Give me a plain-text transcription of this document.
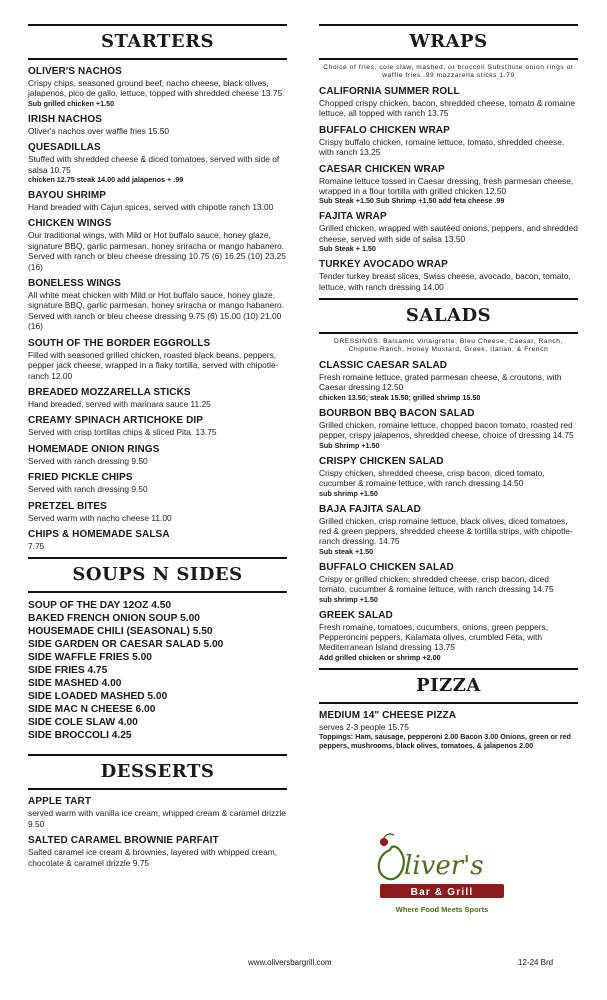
STARTERS
OLIVER'S NACHOS
Crispy chips, seasoned ground beef, nacho cheese, black olives, jalapenos, pico de gallo, lettuce, topped with shredded cheese 13.75
Sub grilled chicken +1.50
IRISH NACHOS
Oliver's nachos over waffle fries 15.50
QUESADILLAS
Stuffed with shredded cheese & diced tomatoes, served with side of salsa 10.75
chicken 12.75 steak 14.00 add jalapenos + .99
BAYOU SHRIMP
Hand breaded with Cajun spices, served with chipotle ranch 13.00
CHICKEN WINGS
Our traditional wings, with Mild or Hot buffalo sauce, honey glaze, signature BBQ, garlic parmesan, honey sriracha or mango habanero. Served with ranch or bleu cheese dressing 10.75 (6) 16.25 (10) 23.25 (16)
BONELESS WINGS
All white meat chicken with Mild or Hot buffalo sauce, honey glaze, signature BBQ, garlic parmesan, honey sriracha or mango habanero. Served with ranch or bleu cheese dressing 9.75 (6) 15.00 (10) 21.00 (16)
SOUTH OF THE BORDER EGGROLLS
Filled with seasoned grilled chicken, roasted black beans, peppers, pepper jack cheese, wrapped in a flaky tortilla, served with chipotle-ranch 12.00
BREADED MOZZARELLA STICKS
Hand breaded, served with marinara sauce 11.25
CREAMY SPINACH ARTICHOKE DIP
Served with crisp tortillas chips & sliced Pita. 13.75
HOMEMADE ONION RINGS
Served with ranch dressing 9.50
FRIED PICKLE CHIPS
Served with ranch dressing 9.50
PRETZEL BITES
Served warm with nacho cheese 11.00
CHIPS & HOMEMADE SALSA
7.75
SOUPS N SIDES
SOUP OF THE DAY 12OZ 4.50
BAKED FRENCH ONION SOUP 5.00
HOUSEMADE CHILI (SEASONAL) 5.50
SIDE GARDEN OR CAESAR SALAD 5.00
SIDE WAFFLE FRIES 5.00
SIDE FRIES 4.75
SIDE MASHED 4.00
SIDE LOADED MASHED 5.00
SIDE MAC N CHEESE 6.00
SIDE COLE SLAW 4.00
SIDE BROCCOLI 4.25
DESSERTS
APPLE TART
served warm with vanilla ice cream, whipped cream & caramel drizzle 9.50
SALTED CARAMEL BROWNIE PARFAIT
Salted caramel ice cream & brownies, layered with whipped cream, chocolate & caramel drizzle 9.75
WRAPS
Choice of fries, cole slaw, mashed, or broccoli Substitute onion rings or waffle fries .99 mozzarella sticks 1.79
CALIFORNIA SUMMER ROLL
Chopped crispy chicken, bacon, shredded cheese, tomato & romaine lettuce, all topped with ranch 13.75
BUFFALO CHICKEN WRAP
Crispy buffalo chicken, romaine lettuce, tomato, shredded cheese, with ranch 13.25
CAESAR CHICKEN WRAP
Romaine lettuce tossed in Caesar dressing, fresh parmesan cheese, wrapped in a flour tortilla with grilled chicken 12.50
Sub Steak +1.50 Sub Shrimp +1.50 add feta cheese .99
FAJITA WRAP
Grilled chicken, wrapped with sautéed onions, peppers, and shredded cheese, served with side of salsa 13.50
Sub Steak + 1.50
TURKEY AVOCADO WRAP
Tender turkey breast slices, Swiss cheese, avocado, bacon, tomato, lettuce, with ranch dressing 14.00
SALADS
DRESSINGS: Balsamic Vinaigrette, Bleu Cheese, Caesar, Ranch, Chipotle Ranch, Honey Mustard, Greek, Italian, & French
CLASSIC CAESAR SALAD
Fresh romaine lettuce, grated parmesan cheese, & croutons, with Caesar dressing 12.50
chicken 13.50; steak 15.50; grilled shrimp 15.50
BOURBON BBQ BACON SALAD
Grilled chicken, romaine lettuce, chopped bacon tomato, roasted red pepper, crispy jalapenos, shredded cheese, choice of dressing 14.75
Sub Shrimp +1.50
CRISPY CHICKEN SALAD
Crispy chicken, shredded cheese, crisp bacon, diced tomato, cucumber & romaine lettuce, with ranch dressing 14.50
sub shrimp +1.50
BAJA FAJITA SALAD
Grilled chicken, crisp romaine lettuce, black olives, diced tomatoes, red & green peppers, shredded cheese & tortilla strips, with chipotle-ranch dressing. 14.75
Sub steak +1.50
BUFFALO CHICKEN SALAD
Crispy or grilled chicken, shredded cheese, crisp bacon, diced tomato, cucumber & romaine lettuce, with ranch dressing 14.75
sub shrimp +1.50
GREEK SALAD
Fresh romaine, tomatoes, cucumbers, onions, green peppers, Pepperoncini peppers, Kalamata olives, crumbled Feta, with Mediterranean Island dressing 13.75
Add grilled chicken or shrimp +2.00
PIZZA
MEDIUM 14" CHEESE PIZZA
serves 2-3 people 15.75
Toppings: Ham, sausage, pepperoni 2.00 Bacon 3.00 Onions, green or red peppers, mushrooms, black olives, tomatoes, & jalapenos 2.00
liver's
Bar & Grill
Where Food Meets Sports
www.oliversbargrill.com	12-24 Brd
